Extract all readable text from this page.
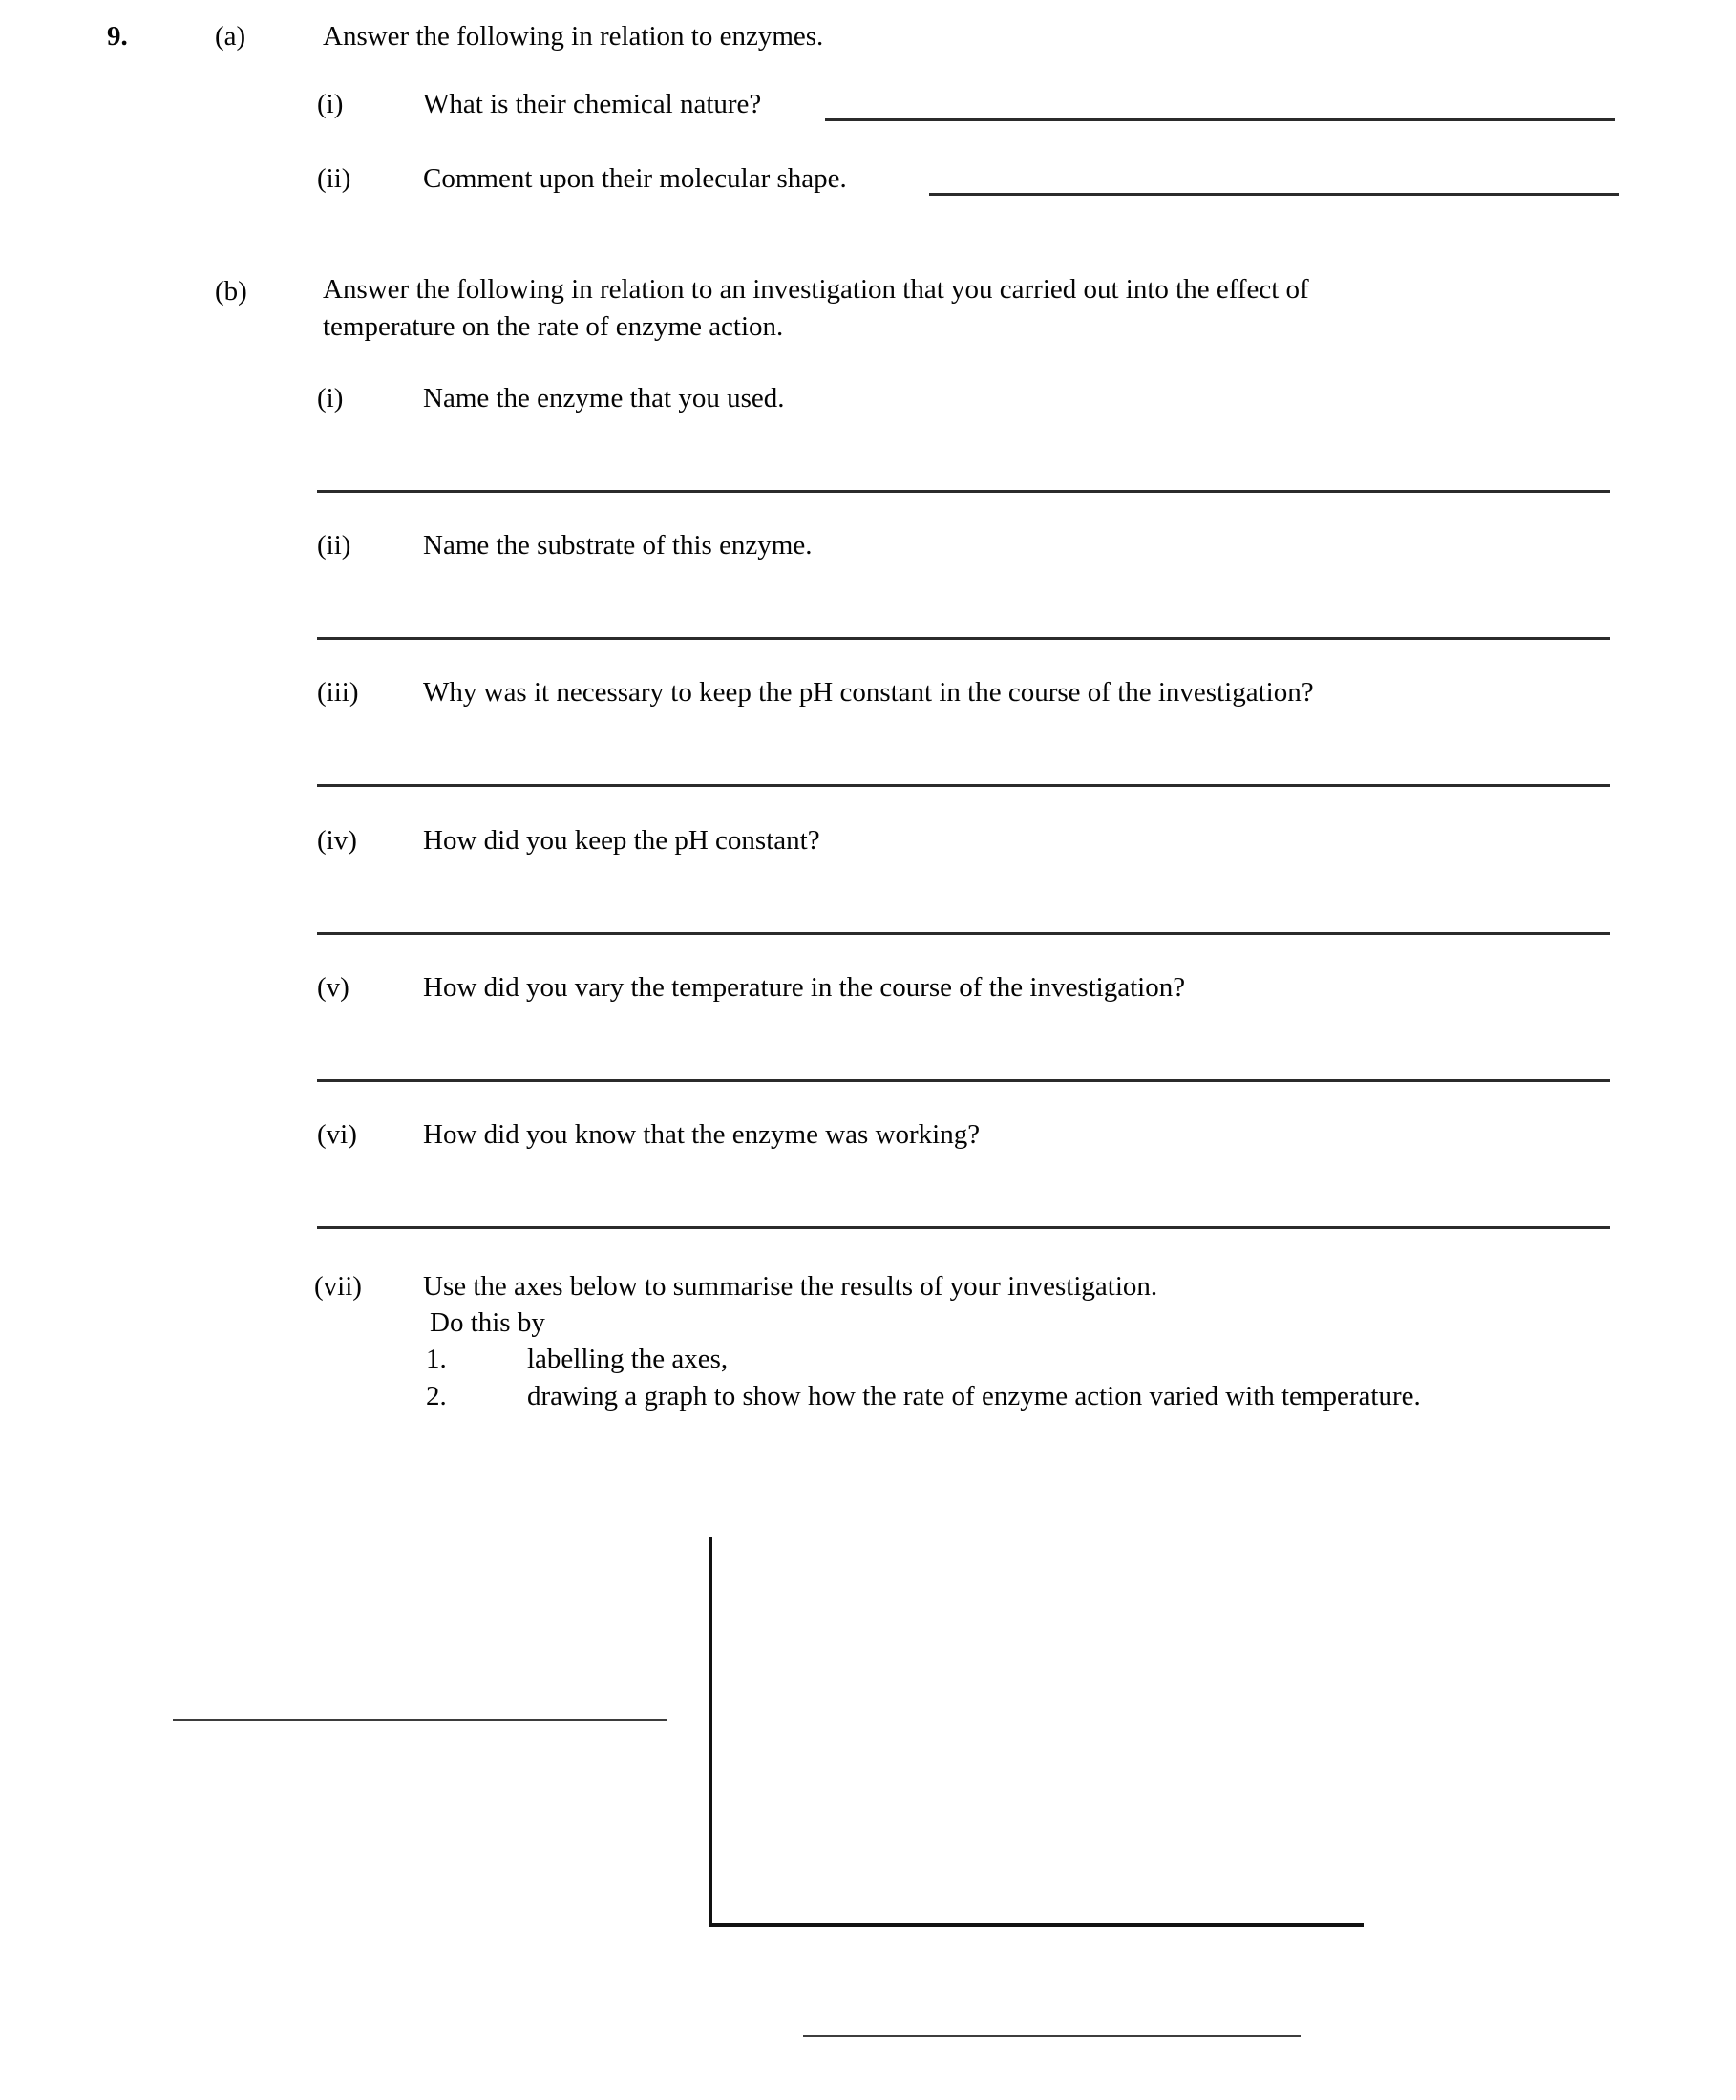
9.	(a)	Answer the following in relation to enzymes.
(i)	What is their chemical nature?
(ii)	Comment upon their molecular shape.
(b)	Answer the following in relation to an investigation that you carried out into the effect of
temperature on the rate of enzyme action.
(i)	Name the enzyme that you used.
(ii)	Name the substrate of this enzyme.
(iii) Why was it necessary to keep the pH constant in the course of the investigation?
(iv) How did you keep the pH constant?
(v)	How did you vary the temperature in the course of the investigation?
(vi) How did you know that the enzyme was working?
(vii) Use the axes below to summarise the results of your investigation.
Do this by
1.	labelling the axes,
2.	drawing a graph to show how the rate of enzyme action varied with temperature.
